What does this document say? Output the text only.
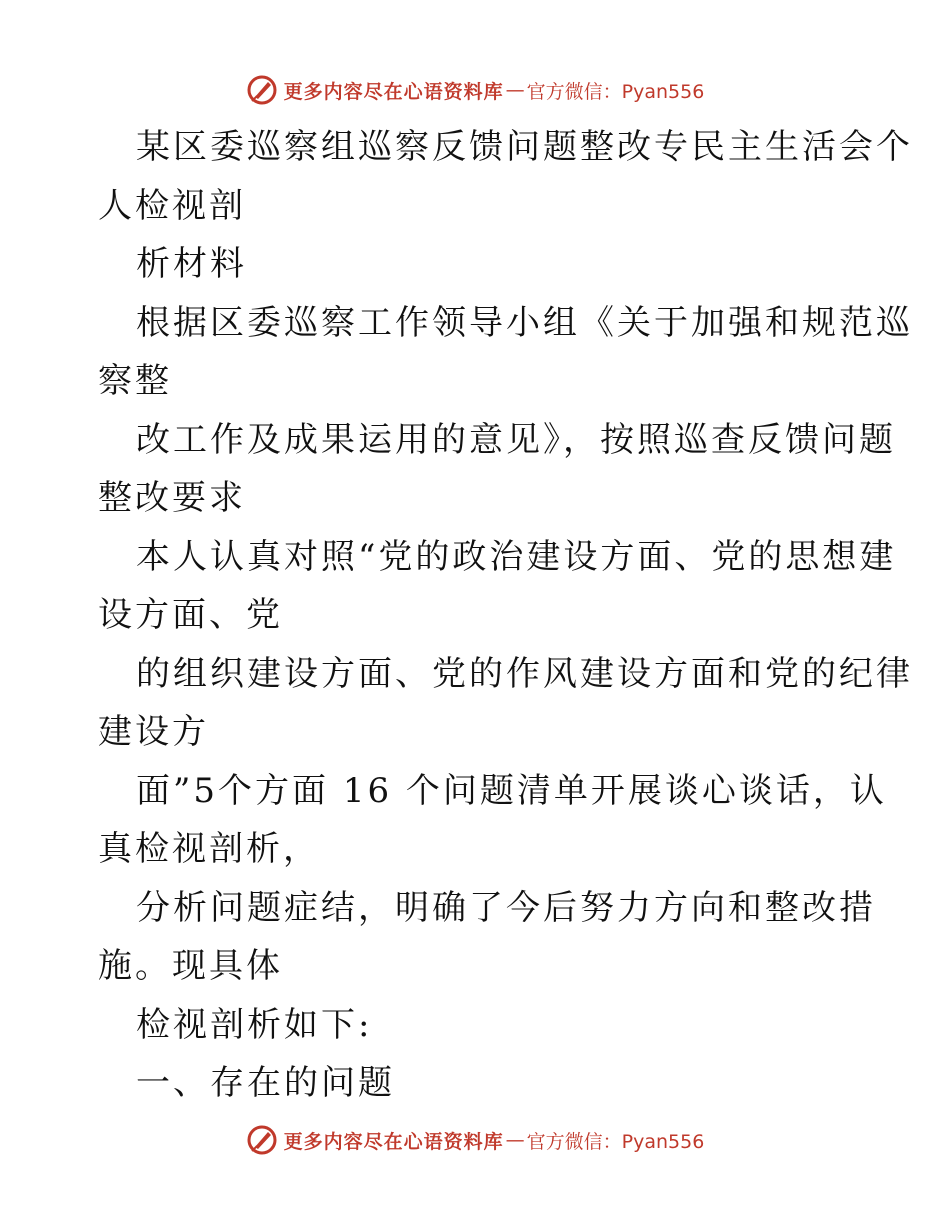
更多内容尽在心语资料库 — 官方微信：Pyan556
某区委巡察组巡察反馈问题整改专民主生活会个
人检视剖
析材料
根据区委巡察工作领导小组《关于加强和规范巡
察整
改工作及成果运用的意见》，按照巡查反馈问题
整改要求
本人认真对照“党的政治建设方面、党的思想建
设方面、党
的组织建设方面、党的作风建设方面和党的纪律
建设方
面”5个方面 16 个问题清单开展谈心谈话，认
真检视剖析，
分析问题症结，明确了今后努力方向和整改措
施。现具体
检视剖析如下:
一、存在的问题
更多内容尽在心语资料库 — 官方微信：Pyan556
